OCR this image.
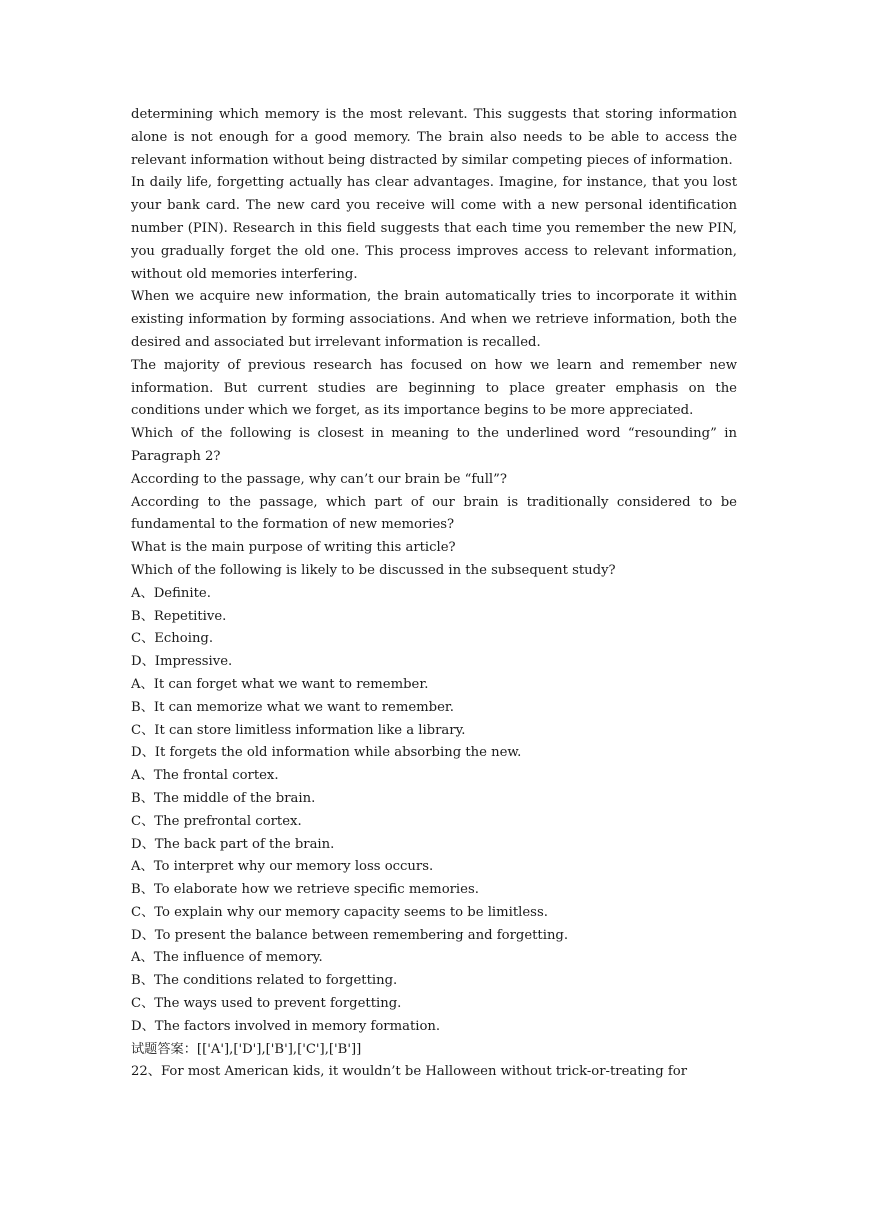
determining which memory is the most relevant. This suggests that storing information alone is not enough for a good memory. The brain also needs to be able to access the relevant information without being distracted by similar competing pieces of information.

In daily life, forgetting actually has clear advantages. Imagine, for instance, that you lost your bank card. The new card you receive will come with a new personal identification number (PIN). Research in this field suggests that each time you remember the new PIN, you gradually forget the old one. This process improves access to relevant information, without old memories interfering.

When we acquire new information, the brain automatically tries to incorporate it within existing information by forming associations. And when we retrieve information, both the desired and associated but irrelevant information is recalled.

The majority of previous research has focused on how we learn and remember new information. But current studies are beginning to place greater emphasis on the conditions under which we forget, as its importance begins to be more appreciated.

Which of the following is closest in meaning to the underlined word “resounding” in Paragraph 2?

According to the passage, why can’t our brain be “full”?

According to the passage, which part of our brain is traditionally considered to be fundamental to the formation of new memories?

What is the main purpose of writing this article?

Which of the following is likely to be discussed in the subsequent study?

A、Definite.

B、Repetitive.

C、Echoing.

D、Impressive.

A、It can forget what we want to remember.

B、It can memorize what we want to remember.

C、It can store limitless information like a library.

D、It forgets the old information while absorbing the new.

A、The frontal cortex.

B、The middle of the brain.

C、The prefrontal cortex.

D、The back part of the brain.

A、To interpret why our memory loss occurs.

B、To elaborate how we retrieve specific memories.

C、To explain why our memory capacity seems to be limitless.

D、To present the balance between remembering and forgetting.

A、The influence of memory.

B、The conditions related to forgetting.

C、The ways used to prevent forgetting.

D、The factors involved in memory formation.

试题答案：[['A'],['D'],['B'],['C'],['B']]

22、For most American kids, it wouldn’t be Halloween without trick-or-treating for
